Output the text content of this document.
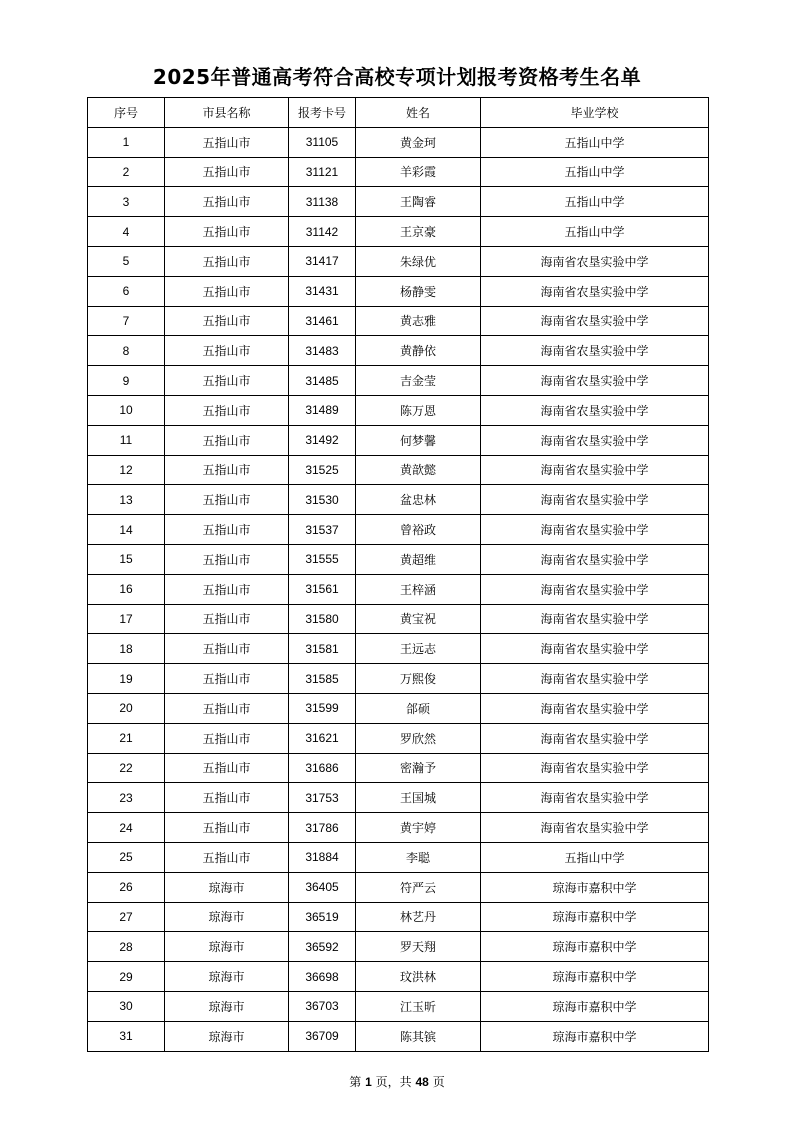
2025年普通高考符合高校专项计划报考资格考生名单
序号	市县名称	报考卡号	姓名	毕业学校
1	五指山市	31105	黄金珂	五指山中学
2	五指山市	31121	羊彩霞	五指山中学
3	五指山市	31138	王陶睿	五指山中学
4	五指山市	31142	王京豪	五指山中学
5	五指山市	31417	朱绿优	海南省农垦实验中学
6	五指山市	31431	杨静雯	海南省农垦实验中学
7	五指山市	31461	黄志雅	海南省农垦实验中学
8	五指山市	31483	黄静依	海南省农垦实验中学
9	五指山市	31485	吉金莹	海南省农垦实验中学
10	五指山市	31489	陈万恩	海南省农垦实验中学
11	五指山市	31492	何梦馨	海南省农垦实验中学
12	五指山市	31525	黄歆懿	海南省农垦实验中学
13	五指山市	31530	盆忠林	海南省农垦实验中学
14	五指山市	31537	曾裕政	海南省农垦实验中学
15	五指山市	31555	黄超维	海南省农垦实验中学
16	五指山市	31561	王梓涵	海南省农垦实验中学
17	五指山市	31580	黄宝祝	海南省农垦实验中学
18	五指山市	31581	王远志	海南省农垦实验中学
19	五指山市	31585	万熙俊	海南省农垦实验中学
20	五指山市	31599	郃硕	海南省农垦实验中学
21	五指山市	31621	罗欣然	海南省农垦实验中学
22	五指山市	31686	密瀚予	海南省农垦实验中学
23	五指山市	31753	王国城	海南省农垦实验中学
24	五指山市	31786	黄宇婷	海南省农垦实验中学
25	五指山市	31884	李聪	五指山中学
26	琼海市	36405	符严云	琼海市嘉积中学
27	琼海市	36519	林艺丹	琼海市嘉积中学
28	琼海市	36592	罗天翔	琼海市嘉积中学
29	琼海市	36698	玟洪林	琼海市嘉积中学
30	琼海市	36703	江玉昕	琼海市嘉积中学
31	琼海市	36709	陈其镔	琼海市嘉积中学
第 1 页，共 48 页
